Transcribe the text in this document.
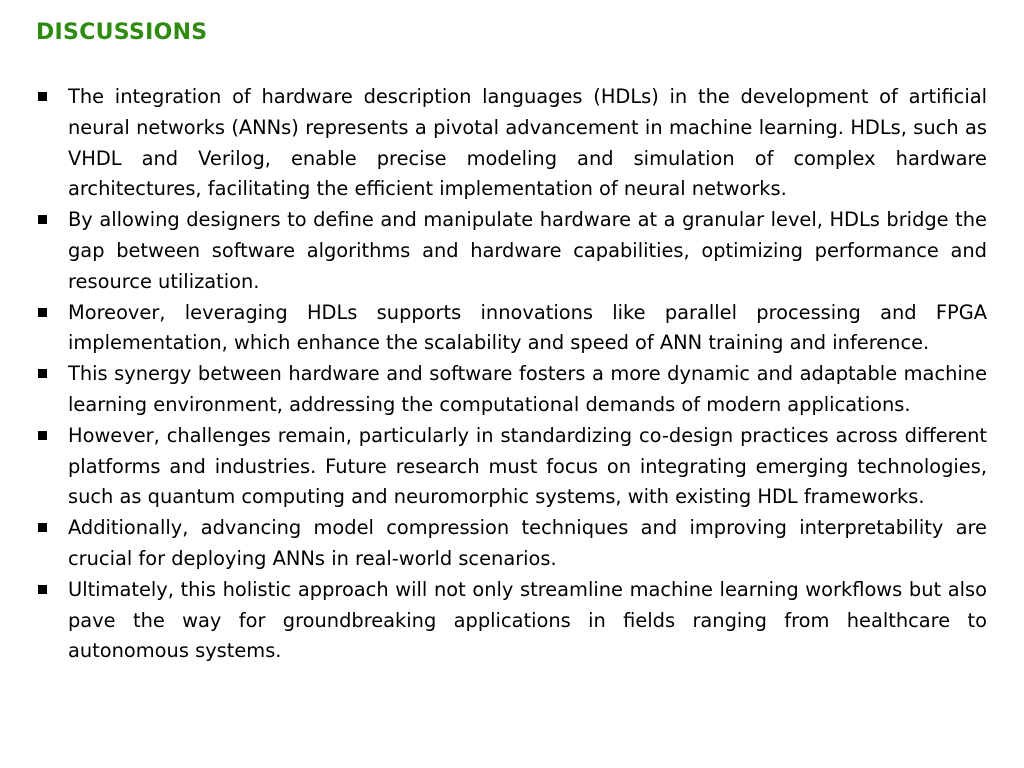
DISCUSSIONS
The integration of hardware description languages (HDLs) in the development of artificial neural networks (ANNs) represents a pivotal advancement in machine learning. HDLs, such as VHDL and Verilog, enable precise modeling and simulation of complex hardware architectures, facilitating the efficient implementation of neural networks.
By allowing designers to define and manipulate hardware at a granular level, HDLs bridge the gap between software algorithms and hardware capabilities, optimizing performance and resource utilization.
Moreover, leveraging HDLs supports innovations like parallel processing and FPGA implementation, which enhance the scalability and speed of ANN training and inference.
This synergy between hardware and software fosters a more dynamic and adaptable machine learning environment, addressing the computational demands of modern applications.
However, challenges remain, particularly in standardizing co-design practices across different platforms and industries. Future research must focus on integrating emerging technologies, such as quantum computing and neuromorphic systems, with existing HDL frameworks.
Additionally, advancing model compression techniques and improving interpretability are crucial for deploying ANNs in real-world scenarios.
Ultimately, this holistic approach will not only streamline machine learning workflows but also pave the way for groundbreaking applications in fields ranging from healthcare to autonomous systems.
